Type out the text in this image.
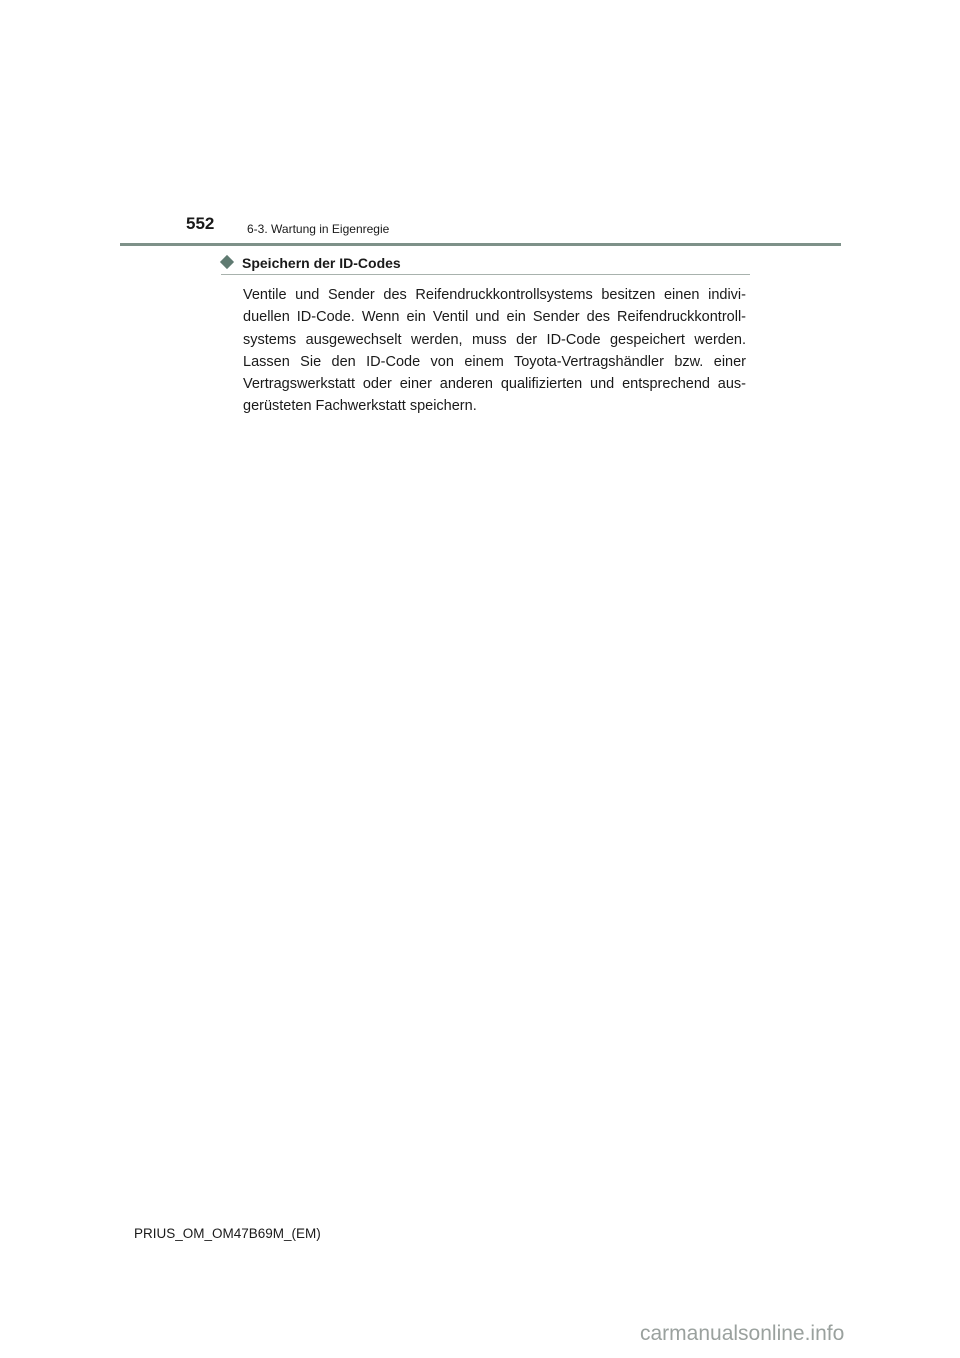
552	6-3. Wartung in Eigenregie
Speichern der ID-Codes
Ventile und Sender des Reifendruckkontrollsystems besitzen einen indivi-
duellen ID-Code. Wenn ein Ventil und ein Sender des Reifendruckkontroll-
systems ausgewechselt werden, muss der ID-Code gespeichert werden.
Lassen Sie den ID-Code von einem Toyota-Vertragshändler bzw. einer
Vertragswerkstatt oder einer anderen qualifizierten und entsprechend aus-
gerüsteten Fachwerkstatt speichern.
PRIUS_OM_OM47B69M_(EM)
carmanualsonline.info
